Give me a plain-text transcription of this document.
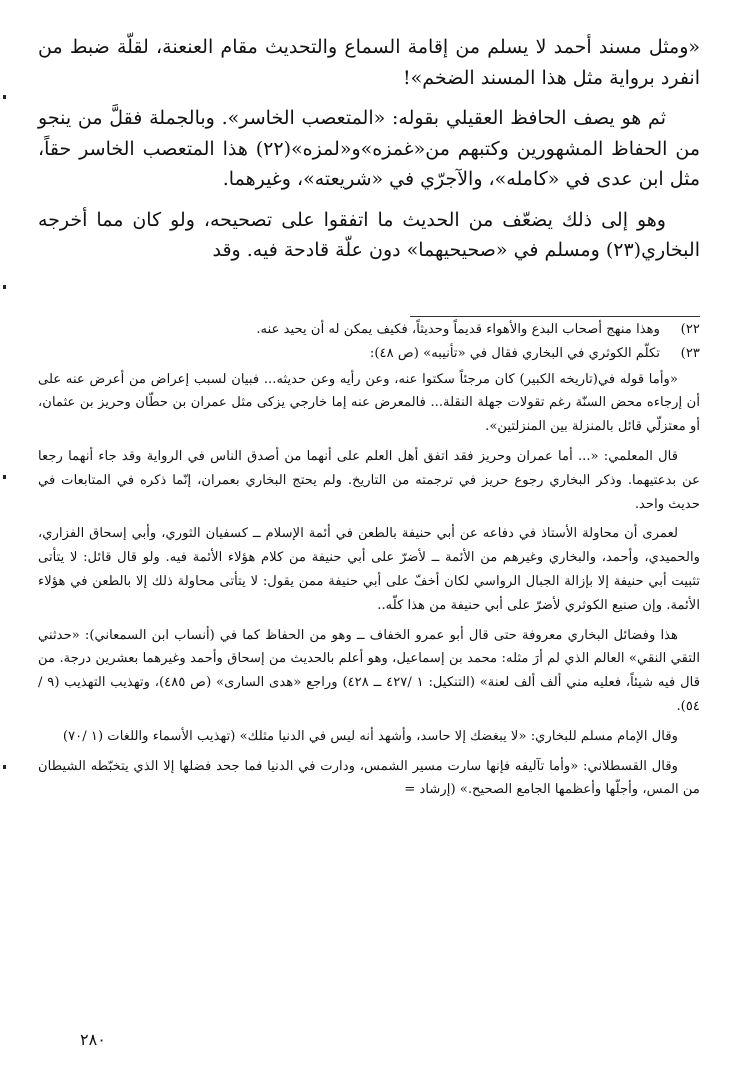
«ومثل مسند أحمد لا يسلم من إقامة السماع والتحديث مقام العنعنة، لقلّة ضبط من انفرد برواية مثل هذا المسند الضخم»!

ثم هو يصف الحافظ العقيلي بقوله: «المتعصب الخاسر». وبالجملة فقلَّ من ينجو من الحفاظ المشهورين وكتبهم من«غمزه»و«لمزه»(٢٢) هذا المتعصب الخاسر حقاً، مثل ابن عدى في «كامله»، والآجرّي في «شريعته»، وغيرهما.

وهو إلى ذلك يضعّف من الحديث ما اتفقوا على تصحيحه، ولو كان مما أخرجه البخاري(٢٣) ومسلم في «صحيحيهما» دون علّة قادحة فيه. وقد

٢٢)
وهذا منهج أصحاب البدع والأهواء قديماً وحديثاً، فكيف يمكن له أن يحيد عنه.

٢٣)
تكلّم الكوثري في البخاري فقال في «تأنيبه» (ص ٤٨):

«وأما قوله في(تاريخه الكبير) كان مرجئاً سكتوا عنه، وعن رأيه وعن حديثه... فبيان لسبب إعراض من أعرض عنه على أن إرجاءه محض السنّة رغم تقولات جهلة النقلة... فالمعرض عنه إما خارجي يزكى مثل عمران بن حطّان وحريز بن عثمان، أو معتزلّي قائل بالمنزلة بين المنزلتين».

قال المعلمي: «... أما عمران وحريز فقد اتفق أهل العلم على أنهما من أصدق الناس في الرواية وقد جاء أنهما رجعا عن بدعتيهما. وذكر البخاري رجوع حريز في ترجمته من التاريخ. ولم يحتج البخاري بعمران، إنّما ذكره في المتابعات في حديث واحد.

لعمرى أن محاولة الأستاذ في دفاعه عن أبي حنيفة بالطعن في أئمة الإسلام ــ كسفيان الثوري، وأبي إسحاق الفزاري، والحميدي، وأحمد، والبخاري وغيرهم من الأئمة ــ لأضرّ على أبي حنيفة من كلام هؤلاء الأئمة فيه. ولو قال قائل: لا يتأتى تثبيت أبي حنيفة إلا بإزالة الجبال الرواسي لكان أخفّ على أبي حنيفة ممن يقول: لا يتأتى محاولة ذلك إلا بالطعن في هؤلاء الأئمة. وإن صنيع الكوثري لأضرّ على أبي حنيفة من هذا كلّه..

هذا وفضائل البخاري معروفة حتى قال أبو عمرو الخفاف ــ وهو من الحفاظ كما في (أنساب ابن السمعاني): «حدثني التقي النقي» العالم الذي لم أرَ مثله: محمد بن إسماعيل، وهو أعلم بالحديث من إسحاق وأحمد وغيرهما بعشرين درجة. من قال فيه شيئاً، فعليه مني ألف ألف لعنة» (التنكيل: ١ /٤٢٧ ــ ٤٢٨) وراجع «هدى السارى» (ص ٤٨٥)، وتهذيب التهذيب (٩ /٥٤).

وقال الإمام مسلم للبخاري: «لا يبغضك إلا حاسد، وأشهد أنه ليس في الدنيا مثلك» (تهذيب الأسماء واللغات (١ /٧٠)

وقال القسطلاني: «وأما تآليفه فإنها سارت مسير الشمس، ودارت في الدنيا فما جحد فضلها إلا الذي يتخبّطه الشيطان من المس، وأجلّها وأعظمها الجامع الصحيح.» (إرشاد =

٢٨٠
